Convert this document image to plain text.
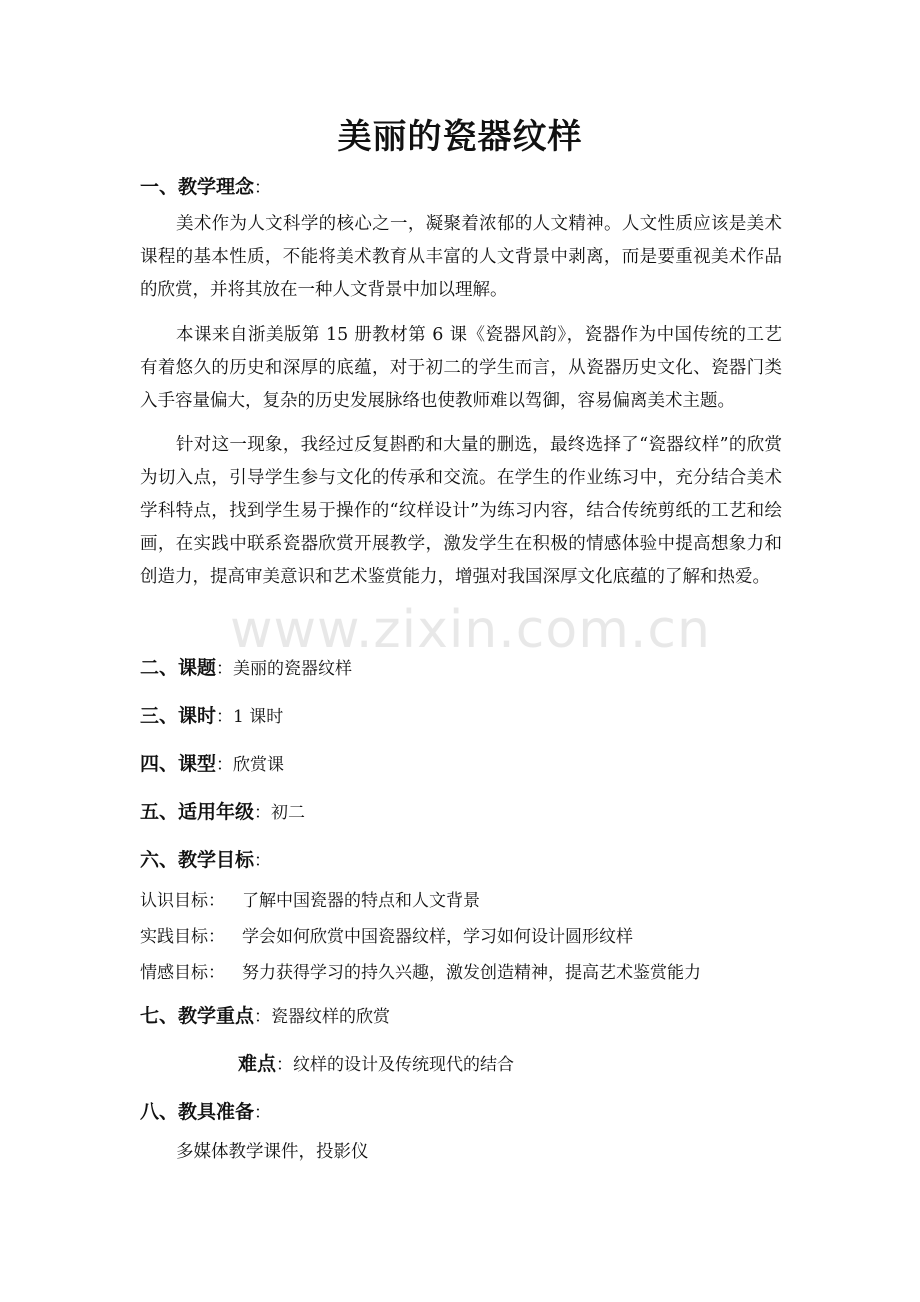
美丽的瓷器纹样
一、教学理念：
美术作为人文科学的核心之一，凝聚着浓郁的人文精神。人文性质应该是美术课程的基本性质，不能将美术教育从丰富的人文背景中剥离，而是要重视美术作品的欣赏，并将其放在一种人文背景中加以理解。
本课来自浙美版第 15 册教材第 6 课《瓷器风韵》，瓷器作为中国传统的工艺有着悠久的历史和深厚的底蕴，对于初二的学生而言，从瓷器历史文化、瓷器门类入手容量偏大，复杂的历史发展脉络也使教师难以驾御，容易偏离美术主题。
针对这一现象，我经过反复斟酌和大量的删选，最终选择了“瓷器纹样”的欣赏为切入点，引导学生参与文化的传承和交流。在学生的作业练习中，充分结合美术学科特点，找到学生易于操作的“纹样设计”为练习内容，结合传统剪纸的工艺和绘画，在实践中联系瓷器欣赏开展教学，激发学生在积极的情感体验中提高想象力和创造力，提高审美意识和艺术鉴赏能力，增强对我国深厚文化底蕴的了解和热爱。
二、课题：美丽的瓷器纹样
三、课时：1 课时
四、课型：欣赏课
五、适用年级：初二
六、教学目标：
认识目标： 了解中国瓷器的特点和人文背景
实践目标： 学会如何欣赏中国瓷器纹样，学习如何设计圆形纹样
情感目标： 努力获得学习的持久兴趣，激发创造精神，提高艺术鉴赏能力
七、教学重点：瓷器纹样的欣赏
难点：纹样的设计及传统现代的结合
八、教具准备：
多媒体教学课件，投影仪
www.zixin.com.cn
